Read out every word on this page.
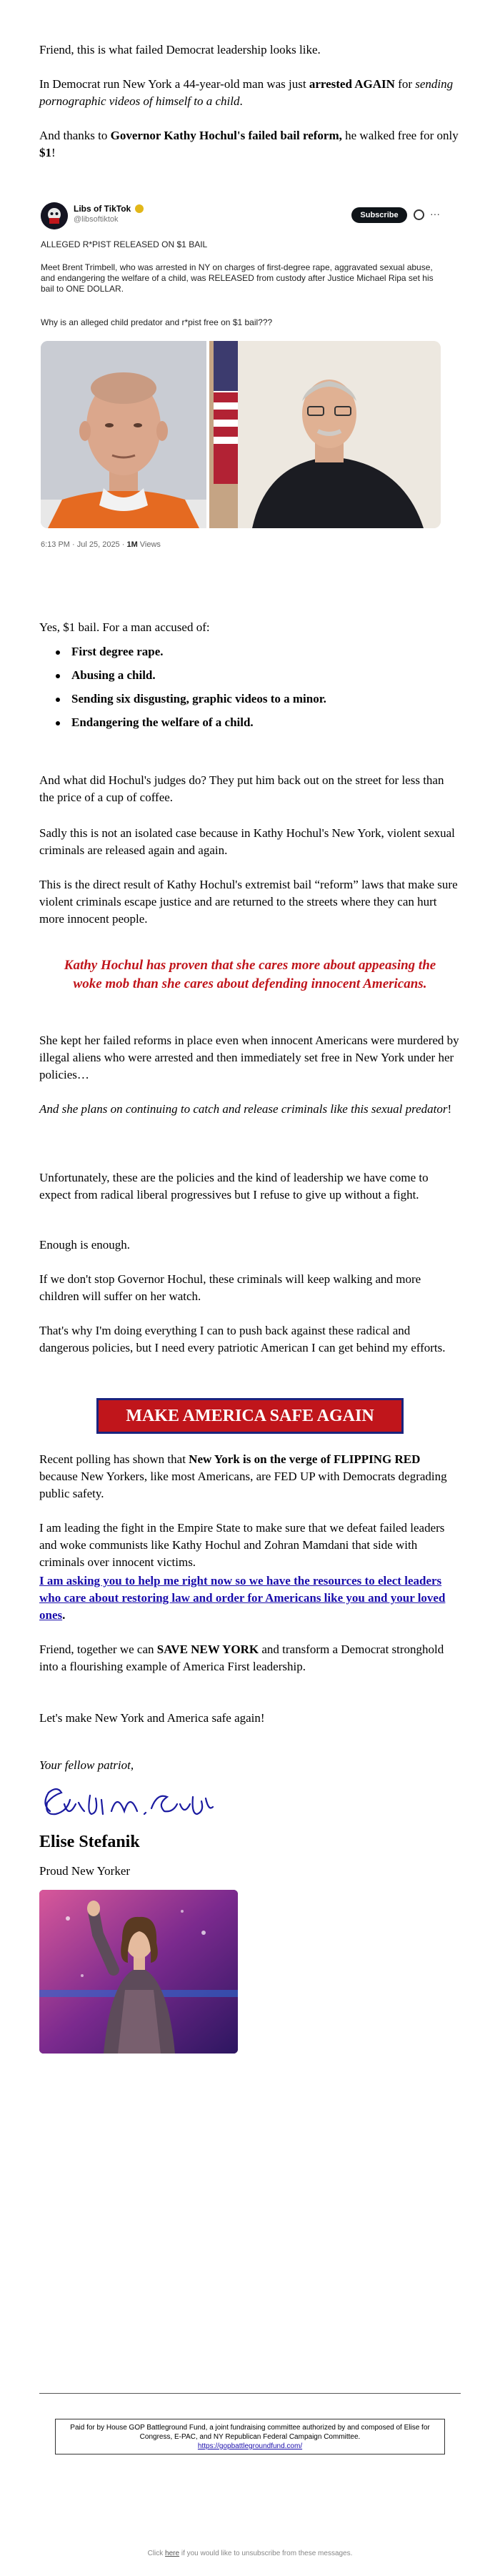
Friend, this is what failed Democrat leadership looks like.
In Democrat run New York a 44-year-old man was just arrested AGAIN for sending pornographic videos of himself to a child.
And thanks to Governor Kathy Hochul's failed bail reform, he walked free for only $1!
Libs of TikTok
@libsoftiktok	Subscribe	···
ALLEGED R*PIST RELEASED ON $1 BAIL
Meet Brent Trimbell, who was arrested in NY on charges of first-degree rape, aggravated sexual abuse, and endangering the welfare of a child, was RELEASED from custody after Justice Michael Ripa set his bail to ONE DOLLAR.
Why is an alleged child predator and r*pist free on $1 bail???
6:13 PM · Jul 25, 2025 · 1M Views
Yes, $1 bail. For a man accused of:
First degree rape.
Abusing a child.
Sending six disgusting, graphic videos to a minor.
Endangering the welfare of a child.
And what did Hochul's judges do? They put him back out on the street for less than the price of a cup of coffee.
Sadly this is not an isolated case because in Kathy Hochul's New York, violent sexual criminals are released again and again.
This is the direct result of Kathy Hochul's extremist bail “reform” laws that make sure violent criminals escape justice and are returned to the streets where they can hurt more innocent people.
Kathy Hochul has proven that she cares more about appeasing the woke mob than she cares about defending innocent Americans.
She kept her failed reforms in place even when innocent Americans were murdered by illegal aliens who were arrested and then immediately set free in New York under her policies…
And she plans on continuing to catch and release criminals like this sexual predator!
Unfortunately, these are the policies and the kind of leadership we have come to expect from radical liberal progressives but I refuse to give up without a fight.
Enough is enough.
If we don't stop Governor Hochul, these criminals will keep walking and more children will suffer on her watch.
That's why I'm doing everything I can to push back against these radical and dangerous policies, but I need every patriotic American I can get behind my efforts.
MAKE AMERICA SAFE AGAIN
Recent polling has shown that New York is on the verge of FLIPPING RED because New Yorkers, like most Americans, are FED UP with Democrats degrading public safety.
I am leading the fight in the Empire State to make sure that we defeat failed leaders and woke communists like Kathy Hochul and Zohran Mamdani that side with criminals over innocent victims.
I am asking you to help me right now so we have the resources to elect leaders who care about restoring law and order for Americans like you and your loved ones.
Friend, together we can SAVE NEW YORK and transform a Democrat stronghold into a flourishing example of America First leadership.
Let's make New York and America safe again!
Your fellow patriot,
Elise Stefanik
Proud New Yorker
Paid for by House GOP Battleground Fund, a joint fundraising committee authorized by and composed of Elise for Congress, E-PAC, and NY Republican Federal Campaign Committee.
https://gopbattlegroundfund.com/
Click here if you would like to unsubscribe from these messages.
